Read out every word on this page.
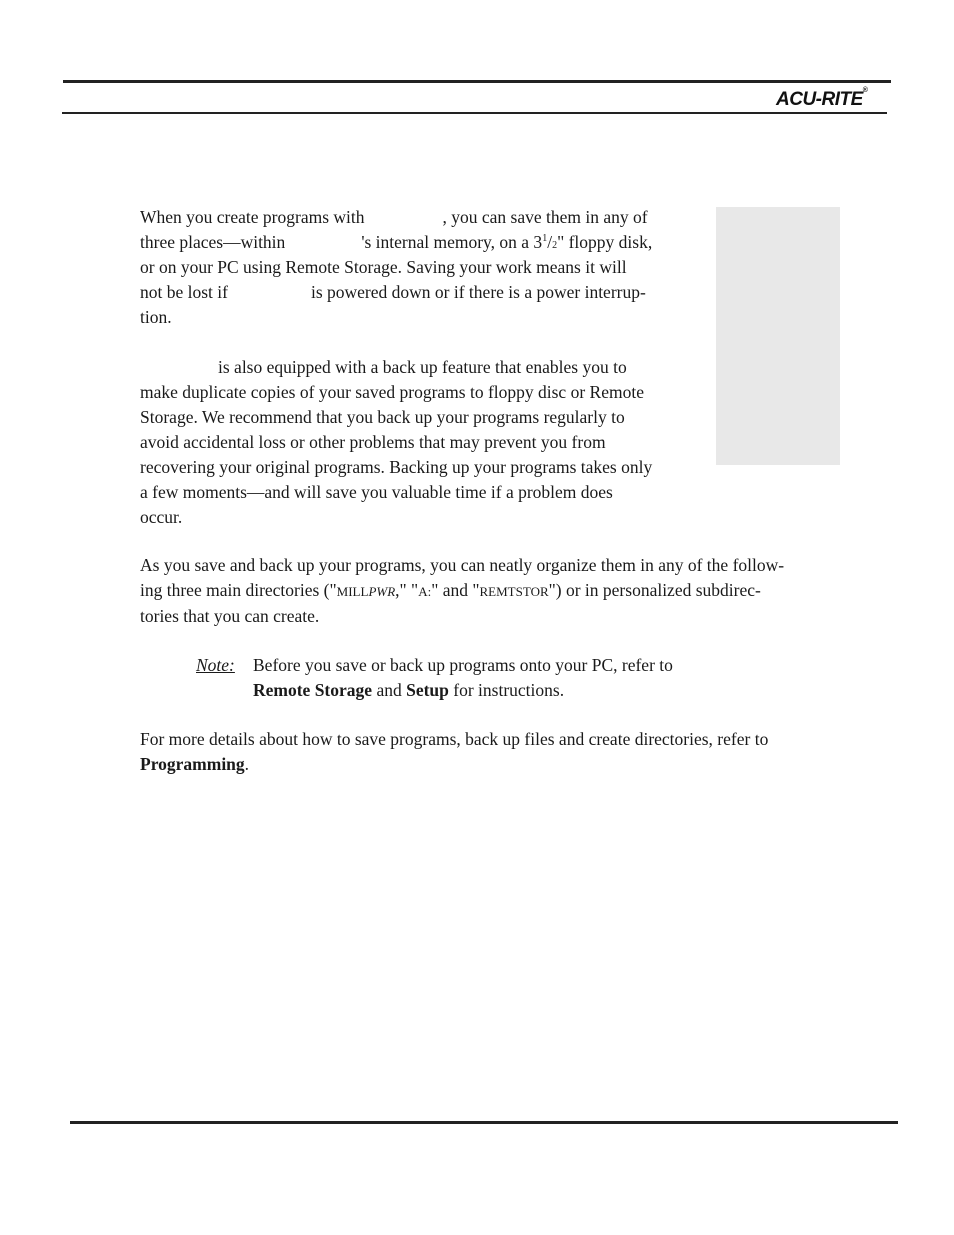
ACU-RITE®
When you create programs with	, you can save them in any of
three places—within	's internal memory, on a $3^1/2$" floppy disk,
or on your PC using Remote Storage. Saving your work means it will
not be lost if	is powered down or if there is a power interrup-
tion.
is also equipped with a back up feature that enables you to
make duplicate copies of your saved programs to floppy disc or Remote
Storage. We recommend that you back up your programs regularly to
avoid accidental loss or other problems that may prevent you from
recovering your original programs. Backing up your programs takes only
a few moments—and will save you valuable time if a problem does
occur.
As you save and back up your programs, you can neatly organize them in any of the follow-
ing three main directories ("MILLPWR," "A:" and "REMTSTOR") or in personalized subdirec-
tories that you can create.
Note: Before you save or back up programs onto your PC, refer to
Remote Storage and Setup for instructions.
For more details about how to save programs, back up files and create directories, refer to
Programming.
